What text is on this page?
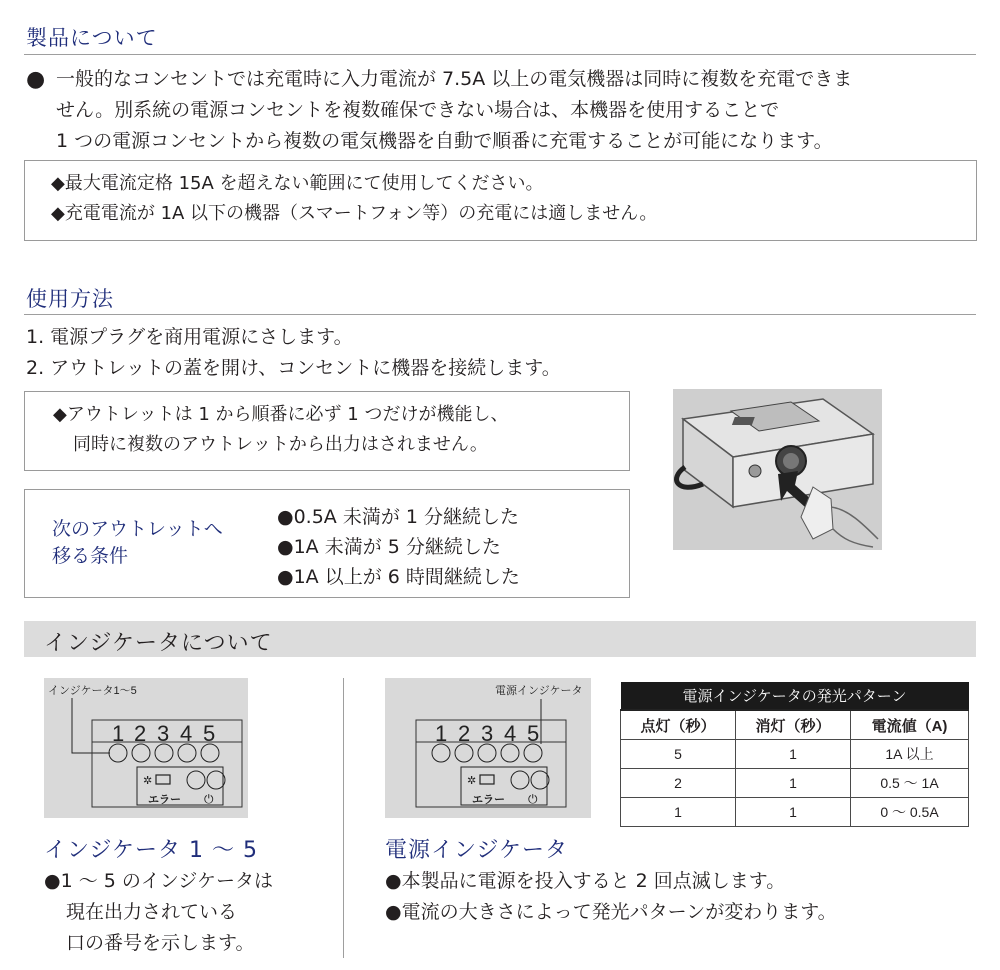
製品について
● 一般的なコンセントでは充電時に入力電流が 7.5A 以上の電気機器は同時に複数を充電できま
せん。別系統の電源コンセントを複数確保できない場合は、本機器を使用することで
1 つの電源コンセントから複数の電気機器を自動で順番に充電することが可能になります。
◆最大電流定格 15A を超えない範囲にて使用してください。
◆充電電流が 1A 以下の機器（スマートフォン等）の充電には適しません。
使用方法
1. 電源プラグを商用電源にさします。
2. アウトレットの蓋を開け、コンセントに機器を接続します。
◆アウトレットは 1 から順番に必ず 1 つだけが機能し、
同時に複数のアウトレットから出力はされません。
次のアウトレットへ
移る条件
●0.5A 未満が 1 分継続した
●1A 未満が 5 分継続した
●1A 以上が 6 時間継続した
インジケータについて
インジケータ1〜5
1 2 3 4 5
✲
エラー ⏻
インジケータ 1 〜 5
●1 〜 5 のインジケータは
現在出力されている
口の番号を示します。
電源インジケータ
1 2 3 4 5
✲
エラー ⏻
電源インジケータの発光パターン		
点灯（秒）	消灯（秒）	電流値（A)
5	1	1A 以上
2	1	0.5 〜 1A
1	1	0 〜 0.5A
電源インジケータ
●本製品に電源を投入すると 2 回点滅します。
●電流の大きさによって発光パターンが変わります。
